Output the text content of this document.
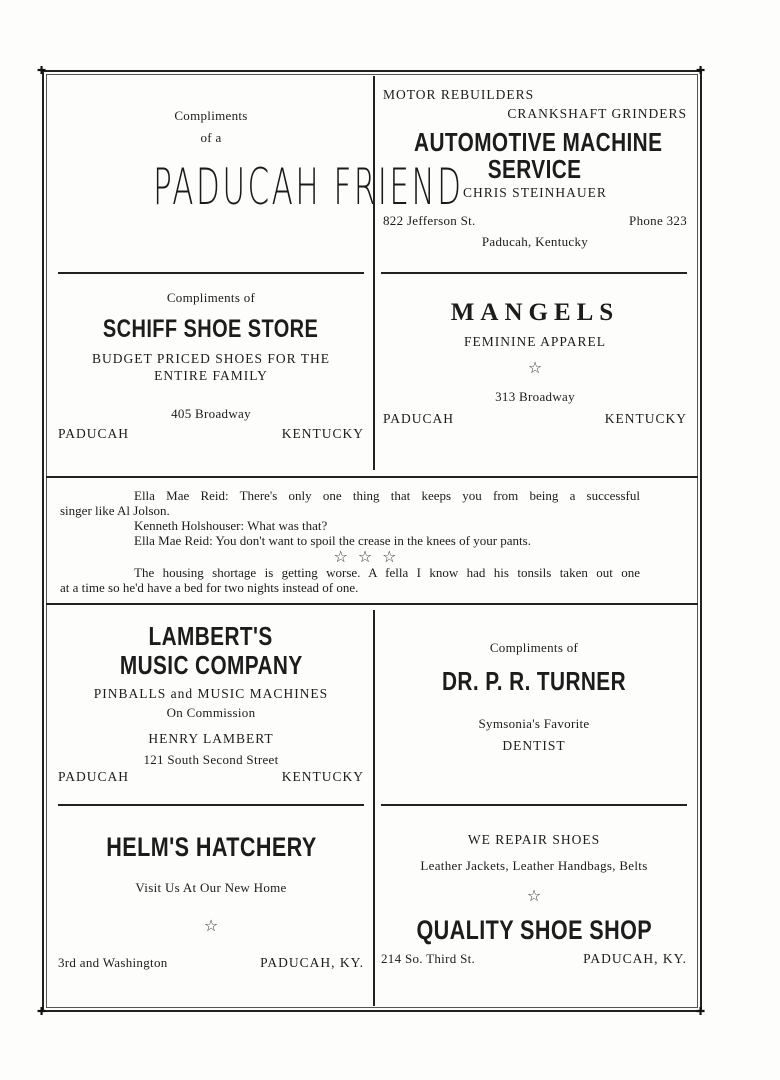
✚	✚
✚	✚
Compliments
of a
PADUCAH FRIEND
MOTOR REBUILDERS
CRANKSHAFT GRINDERS
AUTOMOTIVE MACHINE
SERVICE
CHRIS STEINHAUER
822 Jefferson St.	Phone 323
Paducah, Kentucky
Compliments of
SCHIFF SHOE STORE
BUDGET PRICED SHOES FOR THE
ENTIRE FAMILY
405 Broadway
PADUCAH	KENTUCKY
MANGELS
FEMININE APPAREL
☆
313 Broadway
PADUCAH	KENTUCKY

Ella Mae Reid: There's only one thing that keeps you from being a successful

singer like Al Jolson.

Kenneth Holshouser: What was that?

Ella Mae Reid: You don't want to spoil the crease in the knees of your pants.

☆☆☆

The housing shortage is getting worse. A fella I know had his tonsils taken out one

at a time so he'd have a bed for two nights instead of one.

LAMBERT'S
MUSIC COMPANY
PINBALLS and MUSIC MACHINES
On Commission
HENRY LAMBERT
121 South Second Street
PADUCAH	KENTUCKY
Compliments of
DR. P. R. TURNER
Symsonia's Favorite
DENTIST
HELM'S HATCHERY
Visit Us At Our New Home
☆
3rd and Washington	PADUCAH, KY.
WE REPAIR SHOES
Leather Jackets, Leather Handbags, Belts
☆
QUALITY SHOE SHOP
214 So. Third St.	PADUCAH, KY.
